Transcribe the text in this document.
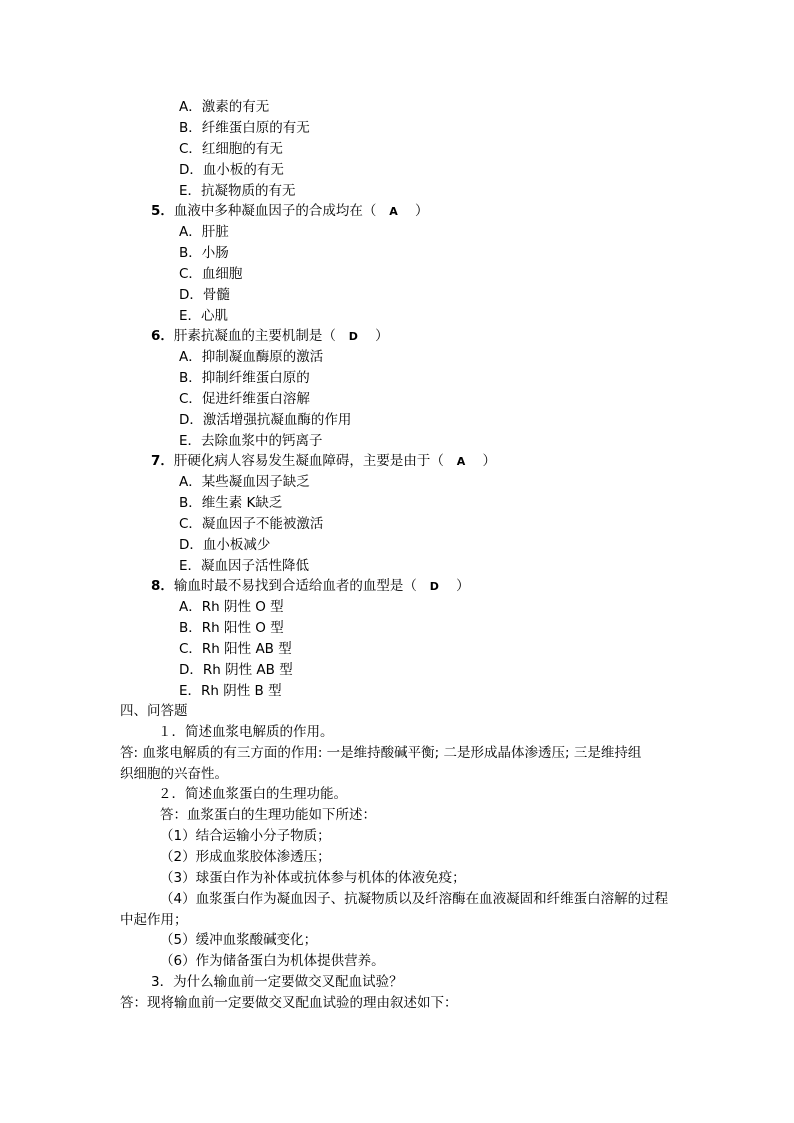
A．激素的有无
B．纤维蛋白原的有无
C．红细胞的有无
D．血小板的有无
E．抗凝物质的有无
5．血液中多种凝血因子的合成均在（ A ）
A．肝脏
B．小肠
C．血细胞
D．骨髓
E．心肌
6．肝素抗凝血的主要机制是（ D ）
A．抑制凝血酶原的激活
B．抑制纤维蛋白原的
C．促进纤维蛋白溶解
D．激活增强抗凝血酶的作用
E．去除血浆中的钙离子
7．肝硬化病人容易发生凝血障碍，主要是由于（ A ）
A．某些凝血因子缺乏
B．维生素 K缺乏
C．凝血因子不能被激活
D．血小板减少
E．凝血因子活性降低
8．输血时最不易找到合适给血者的血型是（ D ）
A．Rh 阴性 O 型
B．Rh 阳性 O 型
C．Rh 阳性 AB 型
D．Rh 阴性 AB 型
E．Rh 阴性 B 型
四、问答题
１．简述血浆电解质的作用。
答: 血浆电解质的有三方面的作用: 一是维持酸碱平衡; 二是形成晶体渗透压; 三是维持组
织细胞的兴奋性。
２．简述血浆蛋白的生理功能。
答：血浆蛋白的生理功能如下所述：
（1）结合运输小分子物质；
（2）形成血浆胶体渗透压；
（3）球蛋白作为补体或抗体参与机体的体液免疫；
（4）血浆蛋白作为凝血因子、抗凝物质以及纤溶酶在血液凝固和纤维蛋白溶解的过程
中起作用；
（5）缓冲血浆酸碱变化；
（6）作为储备蛋白为机体提供营养。
3．为什么输血前一定要做交叉配血试验？
答：现将输血前一定要做交叉配血试验的理由叙述如下：
